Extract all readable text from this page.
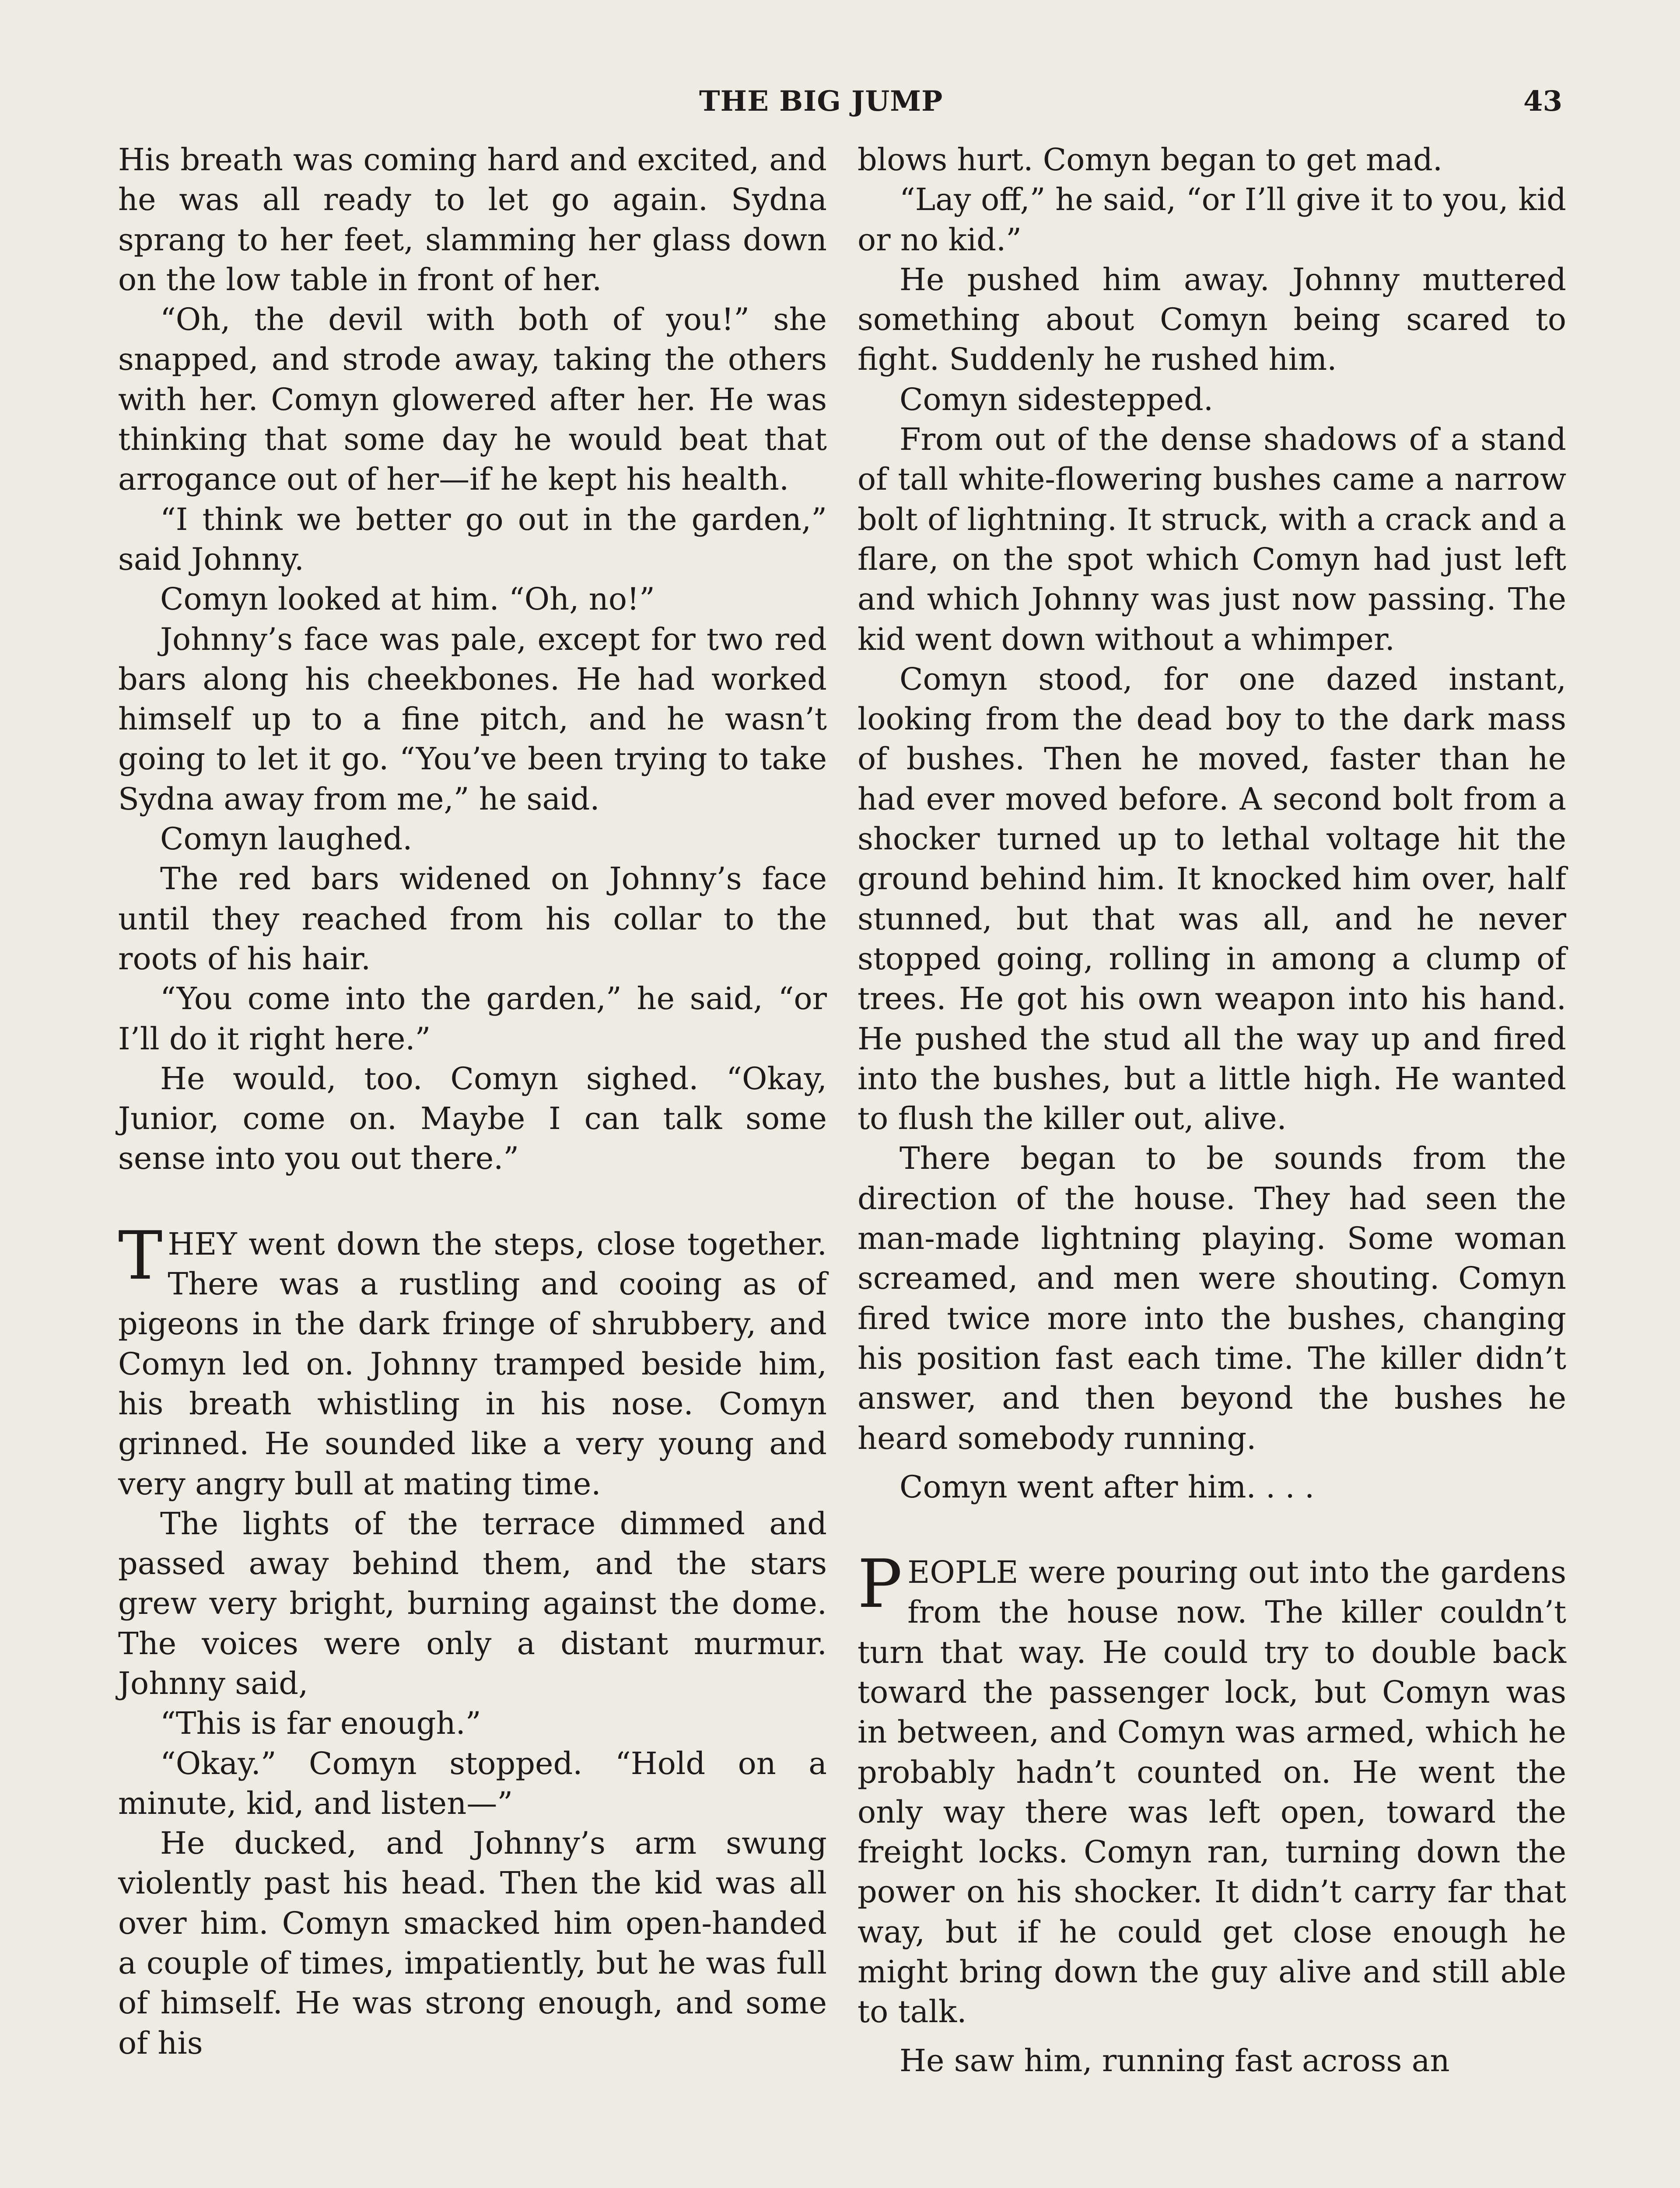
THE BIG JUMP	43

His breath was coming hard and excited, and he was all ready to let go again. Sydna sprang to her feet, slamming her glass down on the low table in front of her.

“Oh, the devil with both of you!” she snapped, and strode away, taking the others with her. Comyn glowered after her. He was thinking that some day he would beat that arrogance out of her—if he kept his health.

“I think we better go out in the garden,” said Johnny.

Comyn looked at him. “Oh, no!”

Johnny’s face was pale, except for two red bars along his cheekbones. He had worked himself up to a fine pitch, and he wasn’t going to let it go. “You’ve been trying to take Sydna away from me,” he said.

Comyn laughed.

The red bars widened on Johnny’s face until they reached from his collar to the roots of his hair.

“You come into the garden,” he said, “or I’ll do it right here.”

He would, too. Comyn sighed. “Okay, Junior, come on. Maybe I can talk some sense into you out there.”

THEY went down the steps, close together. There was a rustling and cooing as of pigeons in the dark fringe of shrubbery, and Comyn led on. Johnny tramped beside him, his breath whistling in his nose. Comyn grinned. He sounded like a very young and very angry bull at mating time.

The lights of the terrace dimmed and passed away behind them, and the stars grew very bright, burning against the dome. The voices were only a distant murmur. Johnny said,

“This is far enough.”

“Okay.” Comyn stopped. “Hold on a minute, kid, and listen—”

He ducked, and Johnny’s arm swung violently past his head. Then the kid was all over him. Comyn smacked him open-handed a couple of times, impatiently, but he was full of himself. He was strong enough, and some of his

blows hurt. Comyn began to get mad.

“Lay off,” he said, “or I’ll give it to you, kid or no kid.”

He pushed him away. Johnny muttered something about Comyn being scared to fight. Suddenly he rushed him.

Comyn sidestepped.

From out of the dense shadows of a stand of tall white-flowering bushes came a narrow bolt of lightning. It struck, with a crack and a flare, on the spot which Comyn had just left and which Johnny was just now passing. The kid went down without a whimper.

Comyn stood, for one dazed instant, looking from the dead boy to the dark mass of bushes. Then he moved, faster than he had ever moved before. A second bolt from a shocker turned up to lethal voltage hit the ground behind him. It knocked him over, half stunned, but that was all, and he never stopped going, rolling in among a clump of trees. He got his own weapon into his hand. He pushed the stud all the way up and fired into the bushes, but a little high. He wanted to flush the killer out, alive.

There began to be sounds from the direction of the house. They had seen the man-made lightning playing. Some woman screamed, and men were shouting. Comyn fired twice more into the bushes, changing his position fast each time. The killer didn’t answer, and then beyond the bushes he heard somebody running.

Comyn went after him. . . .

PEOPLE were pouring out into the gardens from the house now. The killer couldn’t turn that way. He could try to double back toward the passenger lock, but Comyn was in between, and Comyn was armed, which he probably hadn’t counted on. He went the only way there was left open, toward the freight locks. Comyn ran, turning down the power on his shocker. It didn’t carry far that way, but if he could get close enough he might bring down the guy alive and still able to talk.

He saw him, running fast across an
